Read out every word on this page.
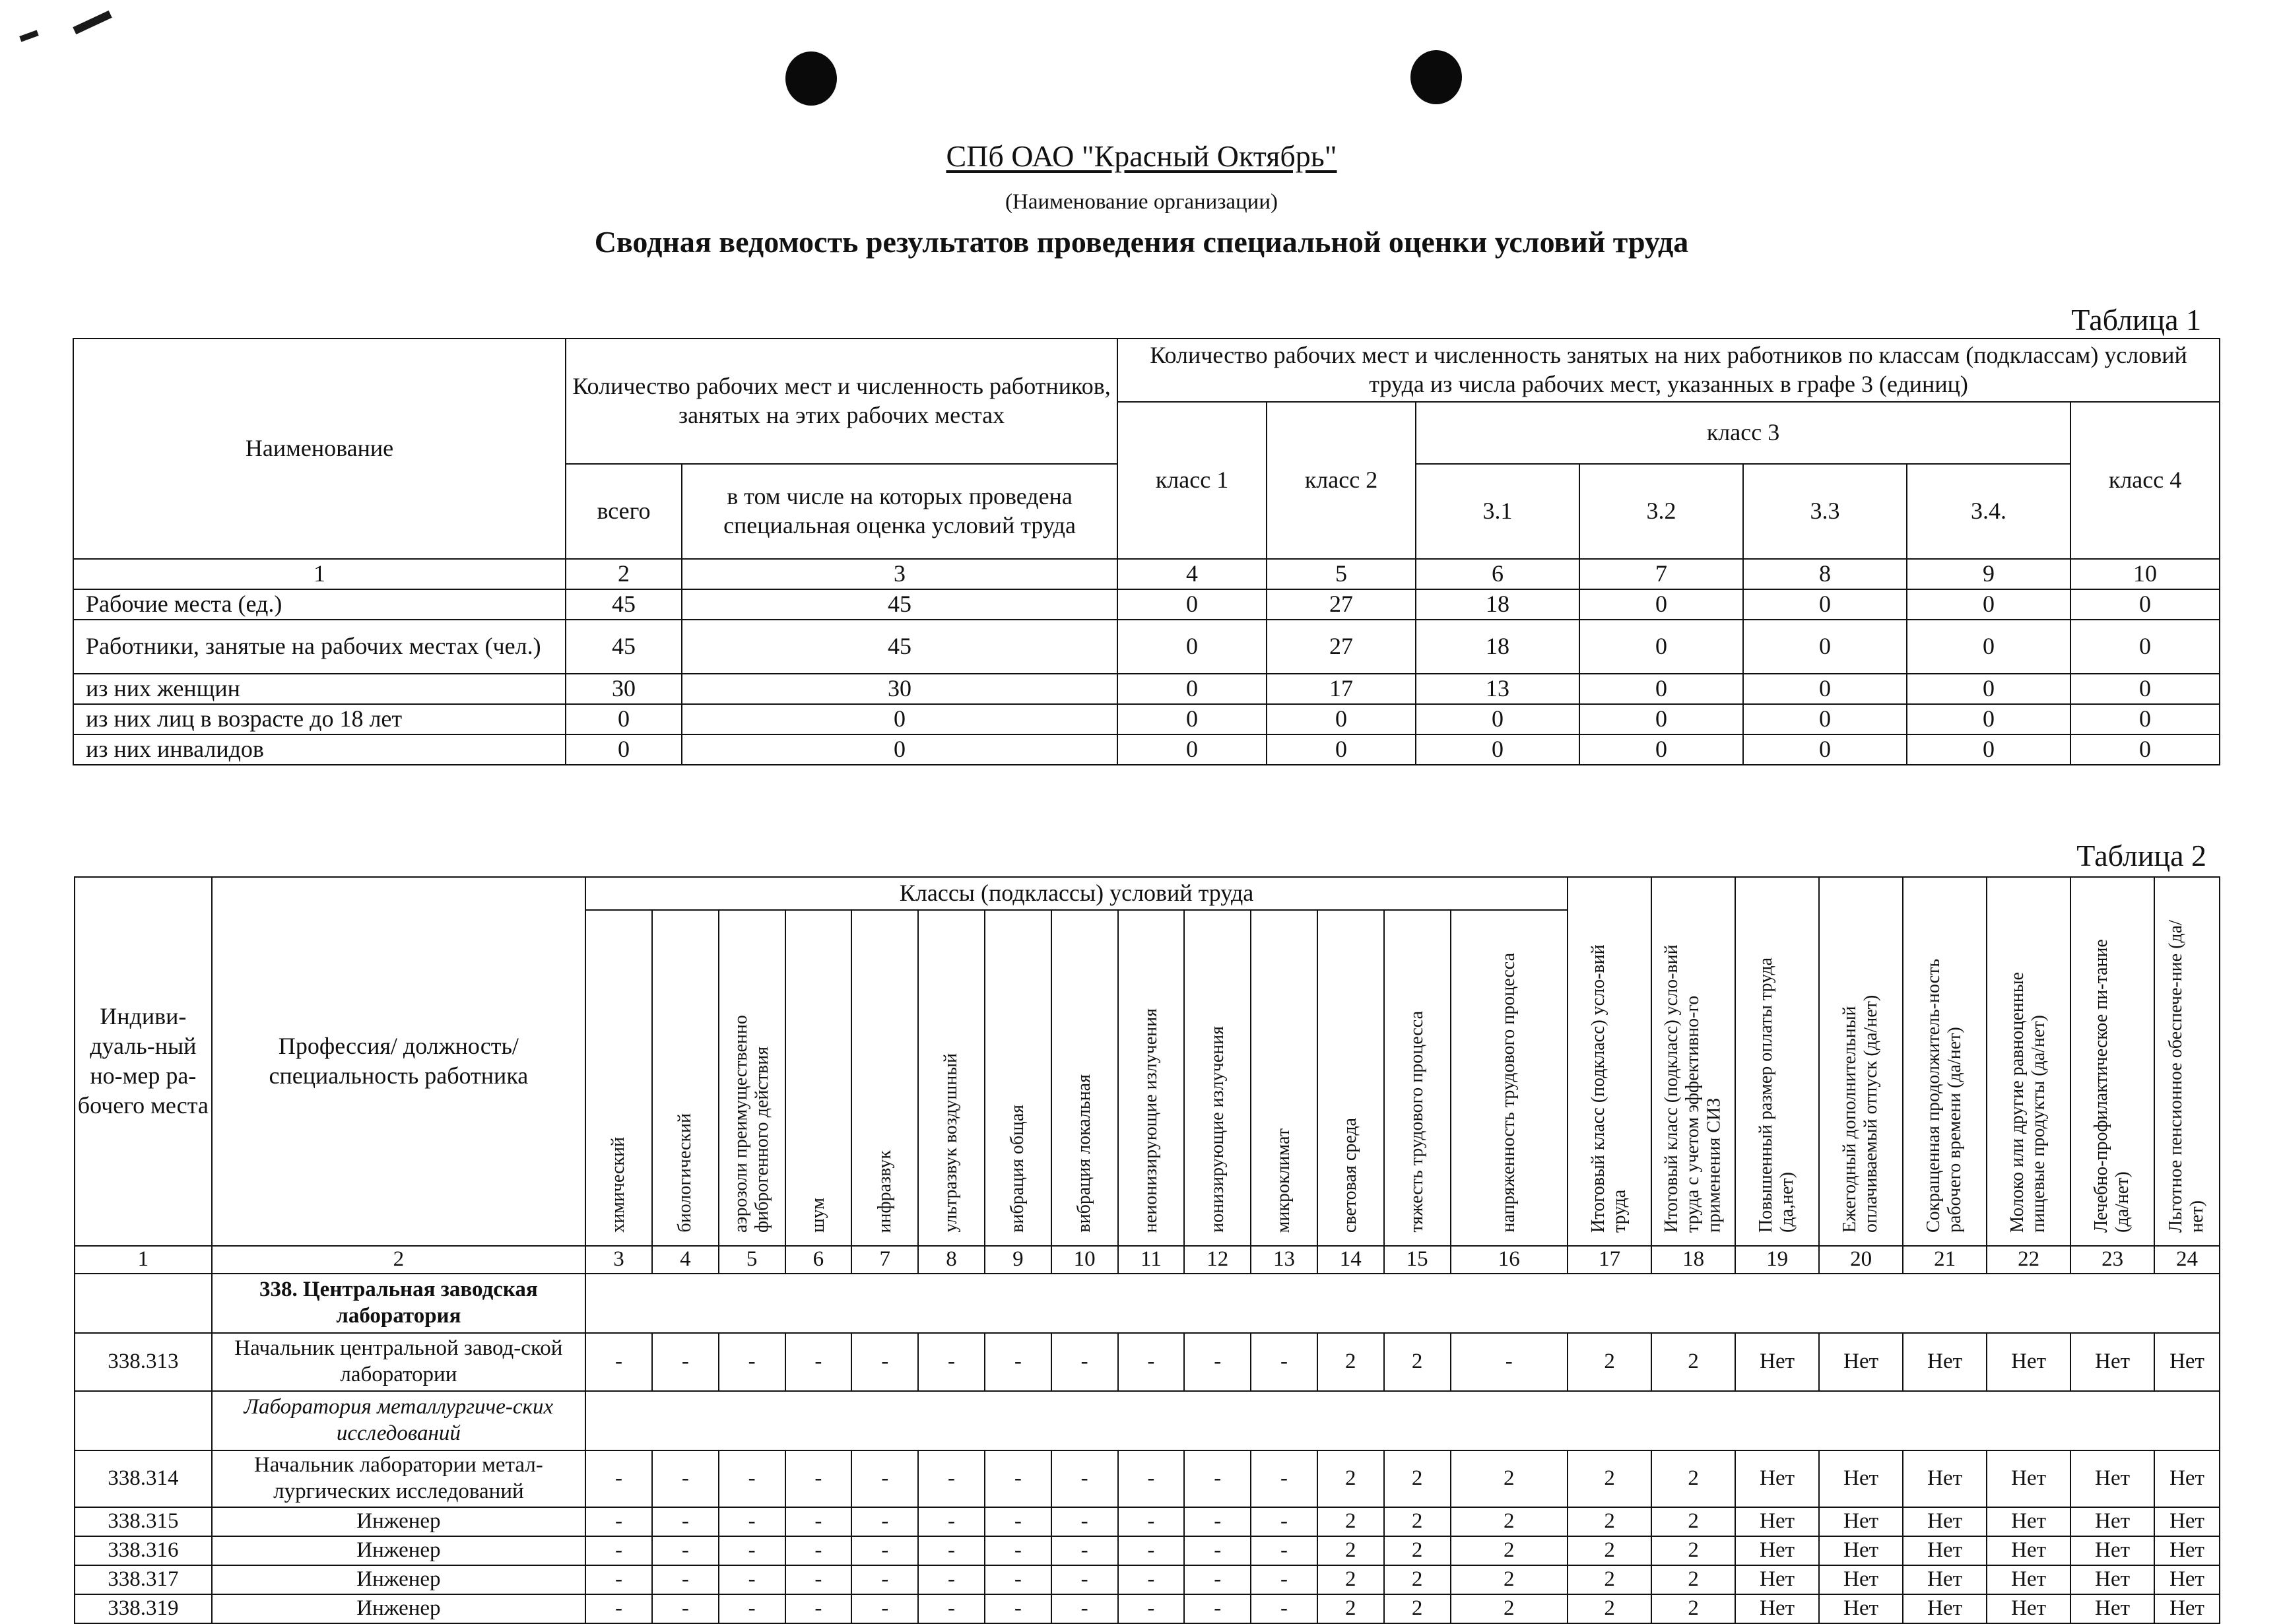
СПб ОАО "Красный Октябрь"
(Наименование организации)
Сводная ведомость результатов проведения специальной оценки условий труда
Таблица 1
Наименование	Количество рабочих мест и численность работников, занятых на этих рабочих местах		Количество рабочих мест и численность занятых на них работников по классам (подклассам) условий труда из числа рабочих мест, указанных в графе 3 (единиц)						
			класс 1	класс 2	класс 3				класс 4
	всего	в том числе на которых проведена специальная оценка условий труда			3.1	3.2	3.3	3.4.	
1	2	3	4	5	6	7	8	9	10
Рабочие места (ед.)	45	45	0	27	18	0	0	0	0
Работники, занятые на рабочих местах (чел.)	45	45	0	27	18	0	0	0	0
из них женщин	30	30	0	17	13	0	0	0	0
из них лиц в возрасте до 18 лет	0	0	0	0	0	0	0	0	0
из них инвалидов	0	0	0	0	0	0	0	0	0
Таблица 2
Индиви-дуаль-ный но-мер ра-бочего места	Профессия/ должность/ специальность работника	Классы (подклассы) условий труда														Итоговый класс (подкласс) усло-вий труда	Итоговый класс (подкласс) усло-вий труда с учетом эффективно-го применения СИЗ	Повышенный размер оплаты труда (да,нет)	Ежегодный дополнительный оплачиваемый отпуск (да/нет)	Сокращенная продолжитель-ность рабочего времени (да/нет)	Молоко или другие равноценные пищевые продукты (да/нет)	Лечебно-профилактическое пи-тание (да/нет)	Льготное пенсионное обеспече-ние (да/нет)
		химический	биологический	аэрозоли преимущественно фиброгенного действия	шум	инфразвук	ультразвук воздушный	вибрация общая	вибрация локальная	неионизирующие излучения	ионизирующие излучения	микроклимат	световая среда	тяжесть трудового процесса	напряженность трудового процесса								
1	2	3	4	5	6	7	8	9	10	11	12	13	14	15	16	17	18	19	20	21	22	23	24
	338. Центральная заводская лаборатория																						
338.313	Начальник центральной завод-ской лаборатории	-	-	-	-	-	-	-	-	-	-	-	2	2	-	2	2	Нет	Нет	Нет	Нет	Нет	Нет
	Лаборатория металлургиче-ских исследований																						
338.314	Начальник лаборатории метал-лургических исследований	-	-	-	-	-	-	-	-	-	-	-	2	2	2	2	2	Нет	Нет	Нет	Нет	Нет	Нет
338.315	Инженер	-	-	-	-	-	-	-	-	-	-	-	2	2	2	2	2	Нет	Нет	Нет	Нет	Нет	Нет
338.316	Инженер	-	-	-	-	-	-	-	-	-	-	-	2	2	2	2	2	Нет	Нет	Нет	Нет	Нет	Нет
338.317	Инженер	-	-	-	-	-	-	-	-	-	-	-	2	2	2	2	2	Нет	Нет	Нет	Нет	Нет	Нет
338.319	Инженер	-	-	-	-	-	-	-	-	-	-	-	2	2	2	2	2	Нет	Нет	Нет	Нет	Нет	Нет
